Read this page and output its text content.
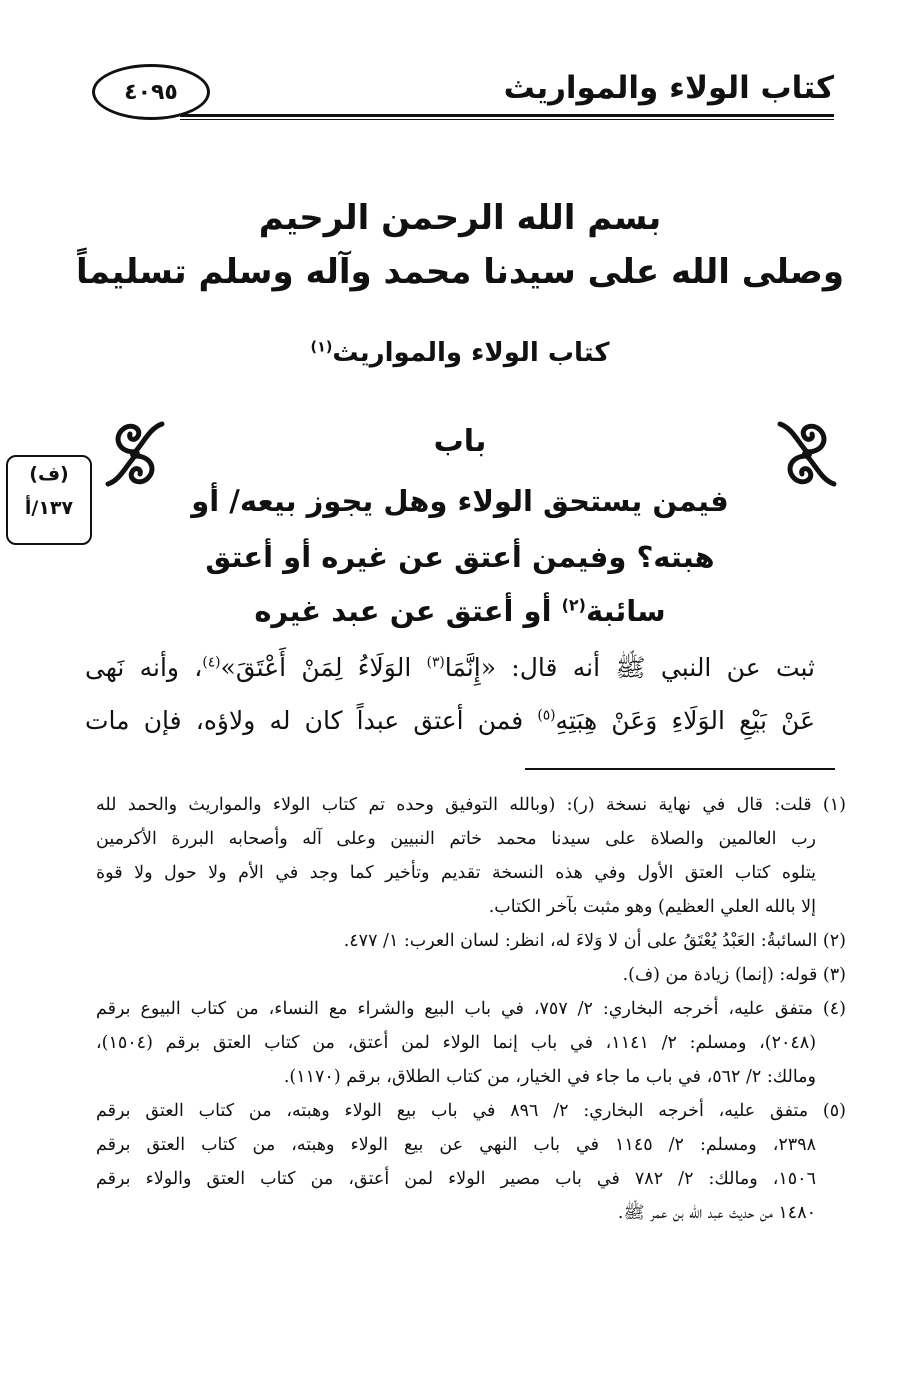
كتاب الولاء والمواريث
٤٠٩٥
بسم الله الرحمن الرحيم
وصلى الله على سيدنا محمد وآله وسلم تسليماً
كتاب الولاء والمواريث$^{(١)}$
(ف)
١٣٧/أ
باب
فيمن يستحق الولاء وهل يجوز بيعه/ أو
هبته؟ وفيمن أعتق عن غيره أو أعتق
سائبة$^{(٢)}$ أو أعتق عن عبد غيره
ثبت عن النبي ﷺ أنه قال: «إِنَّمَا$^{(٣)}$ الوَلَاءُ لِمَنْ أَعْتَقَ»$^{(٤)}$، وأنه نَهى
عَنْ بَيْعِ الوَلَاءِ وَعَنْ هِبَتِهِ$^{(٥)}$ فمن أعتق عبداً كان له ولاؤه، فإن مات
(١) قلت: قال في نهاية نسخة (ر): (وبالله التوفيق وحده تم كتاب الولاء والمواريث والحمد لله
رب العالمين والصلاة على سيدنا محمد خاتم النبيين وعلى آله وأصحابه البررة الأكرمين
يتلوه كتاب العتق الأول وفي هذه النسخة تقديم وتأخير كما وجد في الأم ولا حول ولا قوة
إلا بالله العلي العظيم) وهو مثبت بآخر الكتاب.
(٢) السائبةُ: العَبْدُ يُعْتَقُ على أن لا وَلاءَ له، انظر: لسان العرب: ١/ ٤٧٧.
(٣) قوله: (إنما) زيادة من (ف).
(٤) متفق عليه، أخرجه البخاري: ٢/ ٧٥٧، في باب البيع والشراء مع النساء، من كتاب البيوع برقم
(٢٠٤٨)، ومسلم: ٢/ ١١٤١، في باب إنما الولاء لمن أعتق، من كتاب العتق برقم (١٥٠٤)،
ومالك: ٢/ ٥٦٢، في باب ما جاء في الخيار، من كتاب الطلاق، برقم (١١٧٠).
(٥) متفق عليه، أخرجه البخاري: ٢/ ٨٩٦ في باب بيع الولاء وهبته، من كتاب العتق برقم
٢٣٩٨، ومسلم: ٢/ ١١٤٥ في باب النهي عن بيع الولاء وهبته، من كتاب العتق برقم
١٥٠٦، ومالك: ٢/ ٧٨٢ في باب مصير الولاء لمن أعتق، من كتاب العتق والولاء برقم
١٤٨٠ من حديث عبد الله بن عمر ﷺ.
